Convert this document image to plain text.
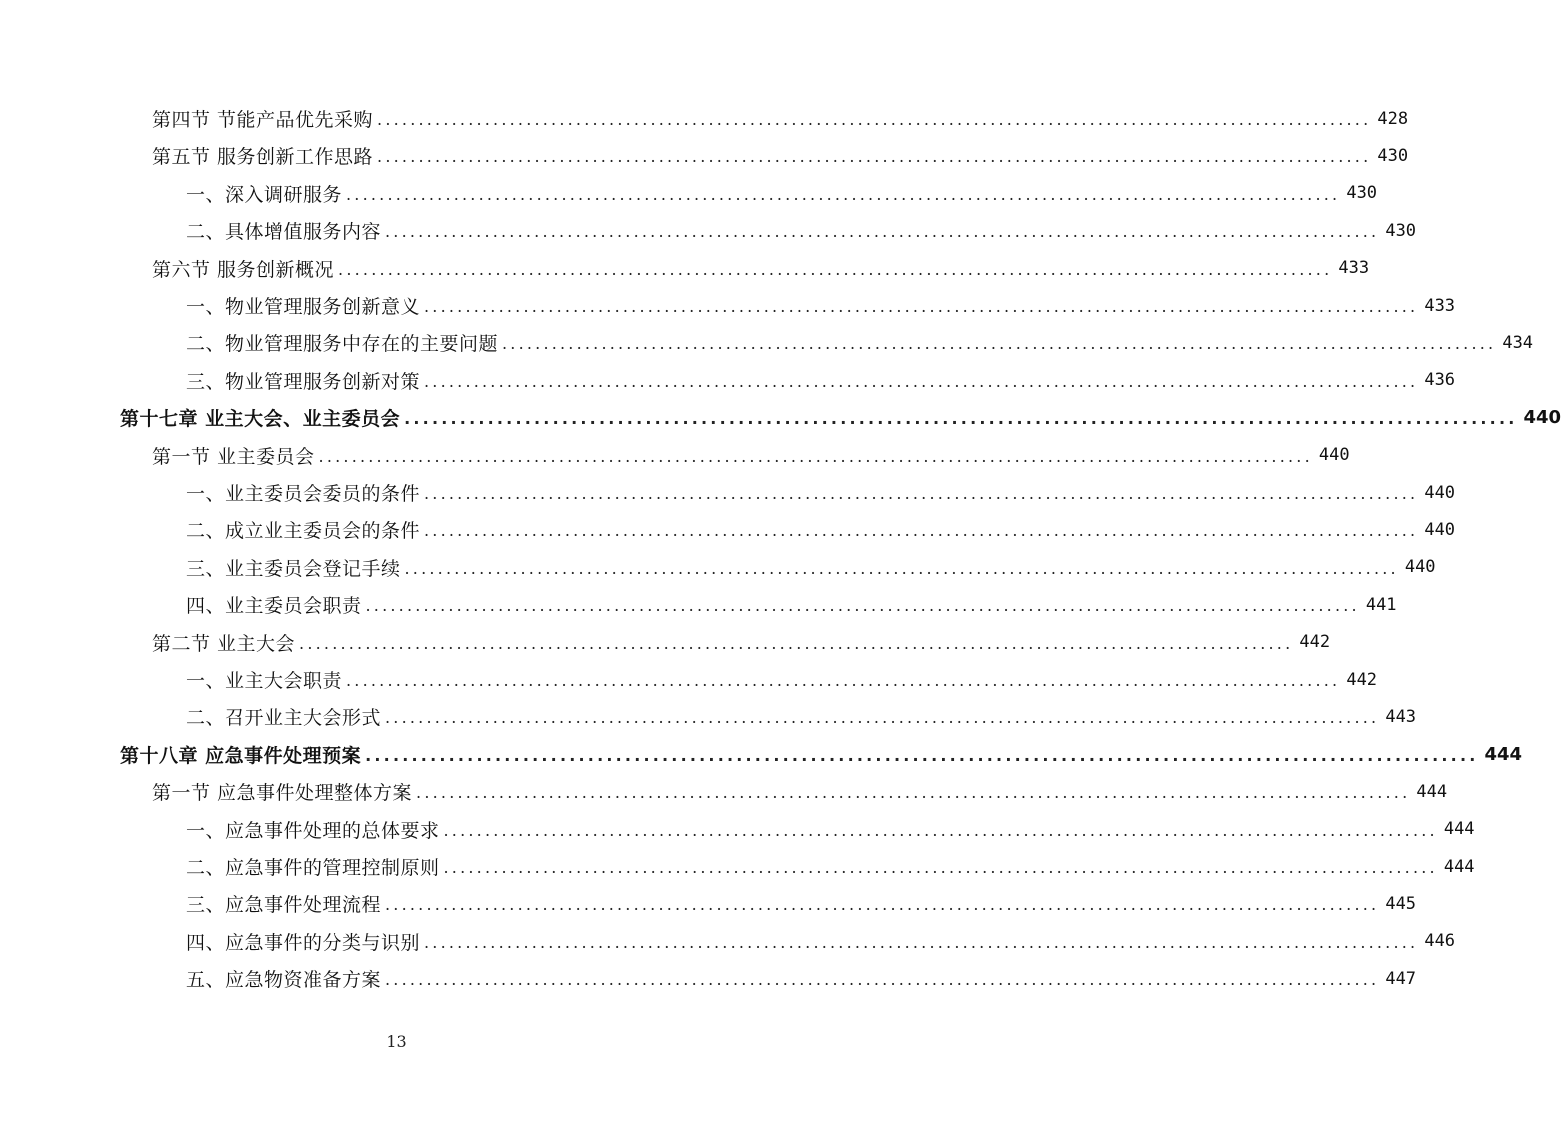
第四节 节能产品优先采购 ........................................................................................................................ 428
第五节 服务创新工作思路 ........................................................................................................................ 430
一、深入调研服务 ........................................................................................................................ 430
二、具体增值服务内容 ........................................................................................................................ 430
第六节 服务创新概况 ........................................................................................................................ 433
一、物业管理服务创新意义 ........................................................................................................................ 433
二、物业管理服务中存在的主要问题 ........................................................................................................................ 434
三、物业管理服务创新对策 ........................................................................................................................ 436
第十七章 业主大会、业主委员会 ........................................................................................................................ 440
第一节 业主委员会 ........................................................................................................................ 440
一、业主委员会委员的条件 ........................................................................................................................ 440
二、成立业主委员会的条件 ........................................................................................................................ 440
三、业主委员会登记手续 ........................................................................................................................ 440
四、业主委员会职责 ........................................................................................................................ 441
第二节 业主大会 ........................................................................................................................ 442
一、业主大会职责 ........................................................................................................................ 442
二、召开业主大会形式 ........................................................................................................................ 443
第十八章 应急事件处理预案 ........................................................................................................................ 444
第一节 应急事件处理整体方案 ........................................................................................................................ 444
一、应急事件处理的总体要求 ........................................................................................................................ 444
二、应急事件的管理控制原则 ........................................................................................................................ 444
三、应急事件处理流程 ........................................................................................................................ 445
四、应急事件的分类与识别 ........................................................................................................................ 446
五、应急物资准备方案 ........................................................................................................................ 447
13
